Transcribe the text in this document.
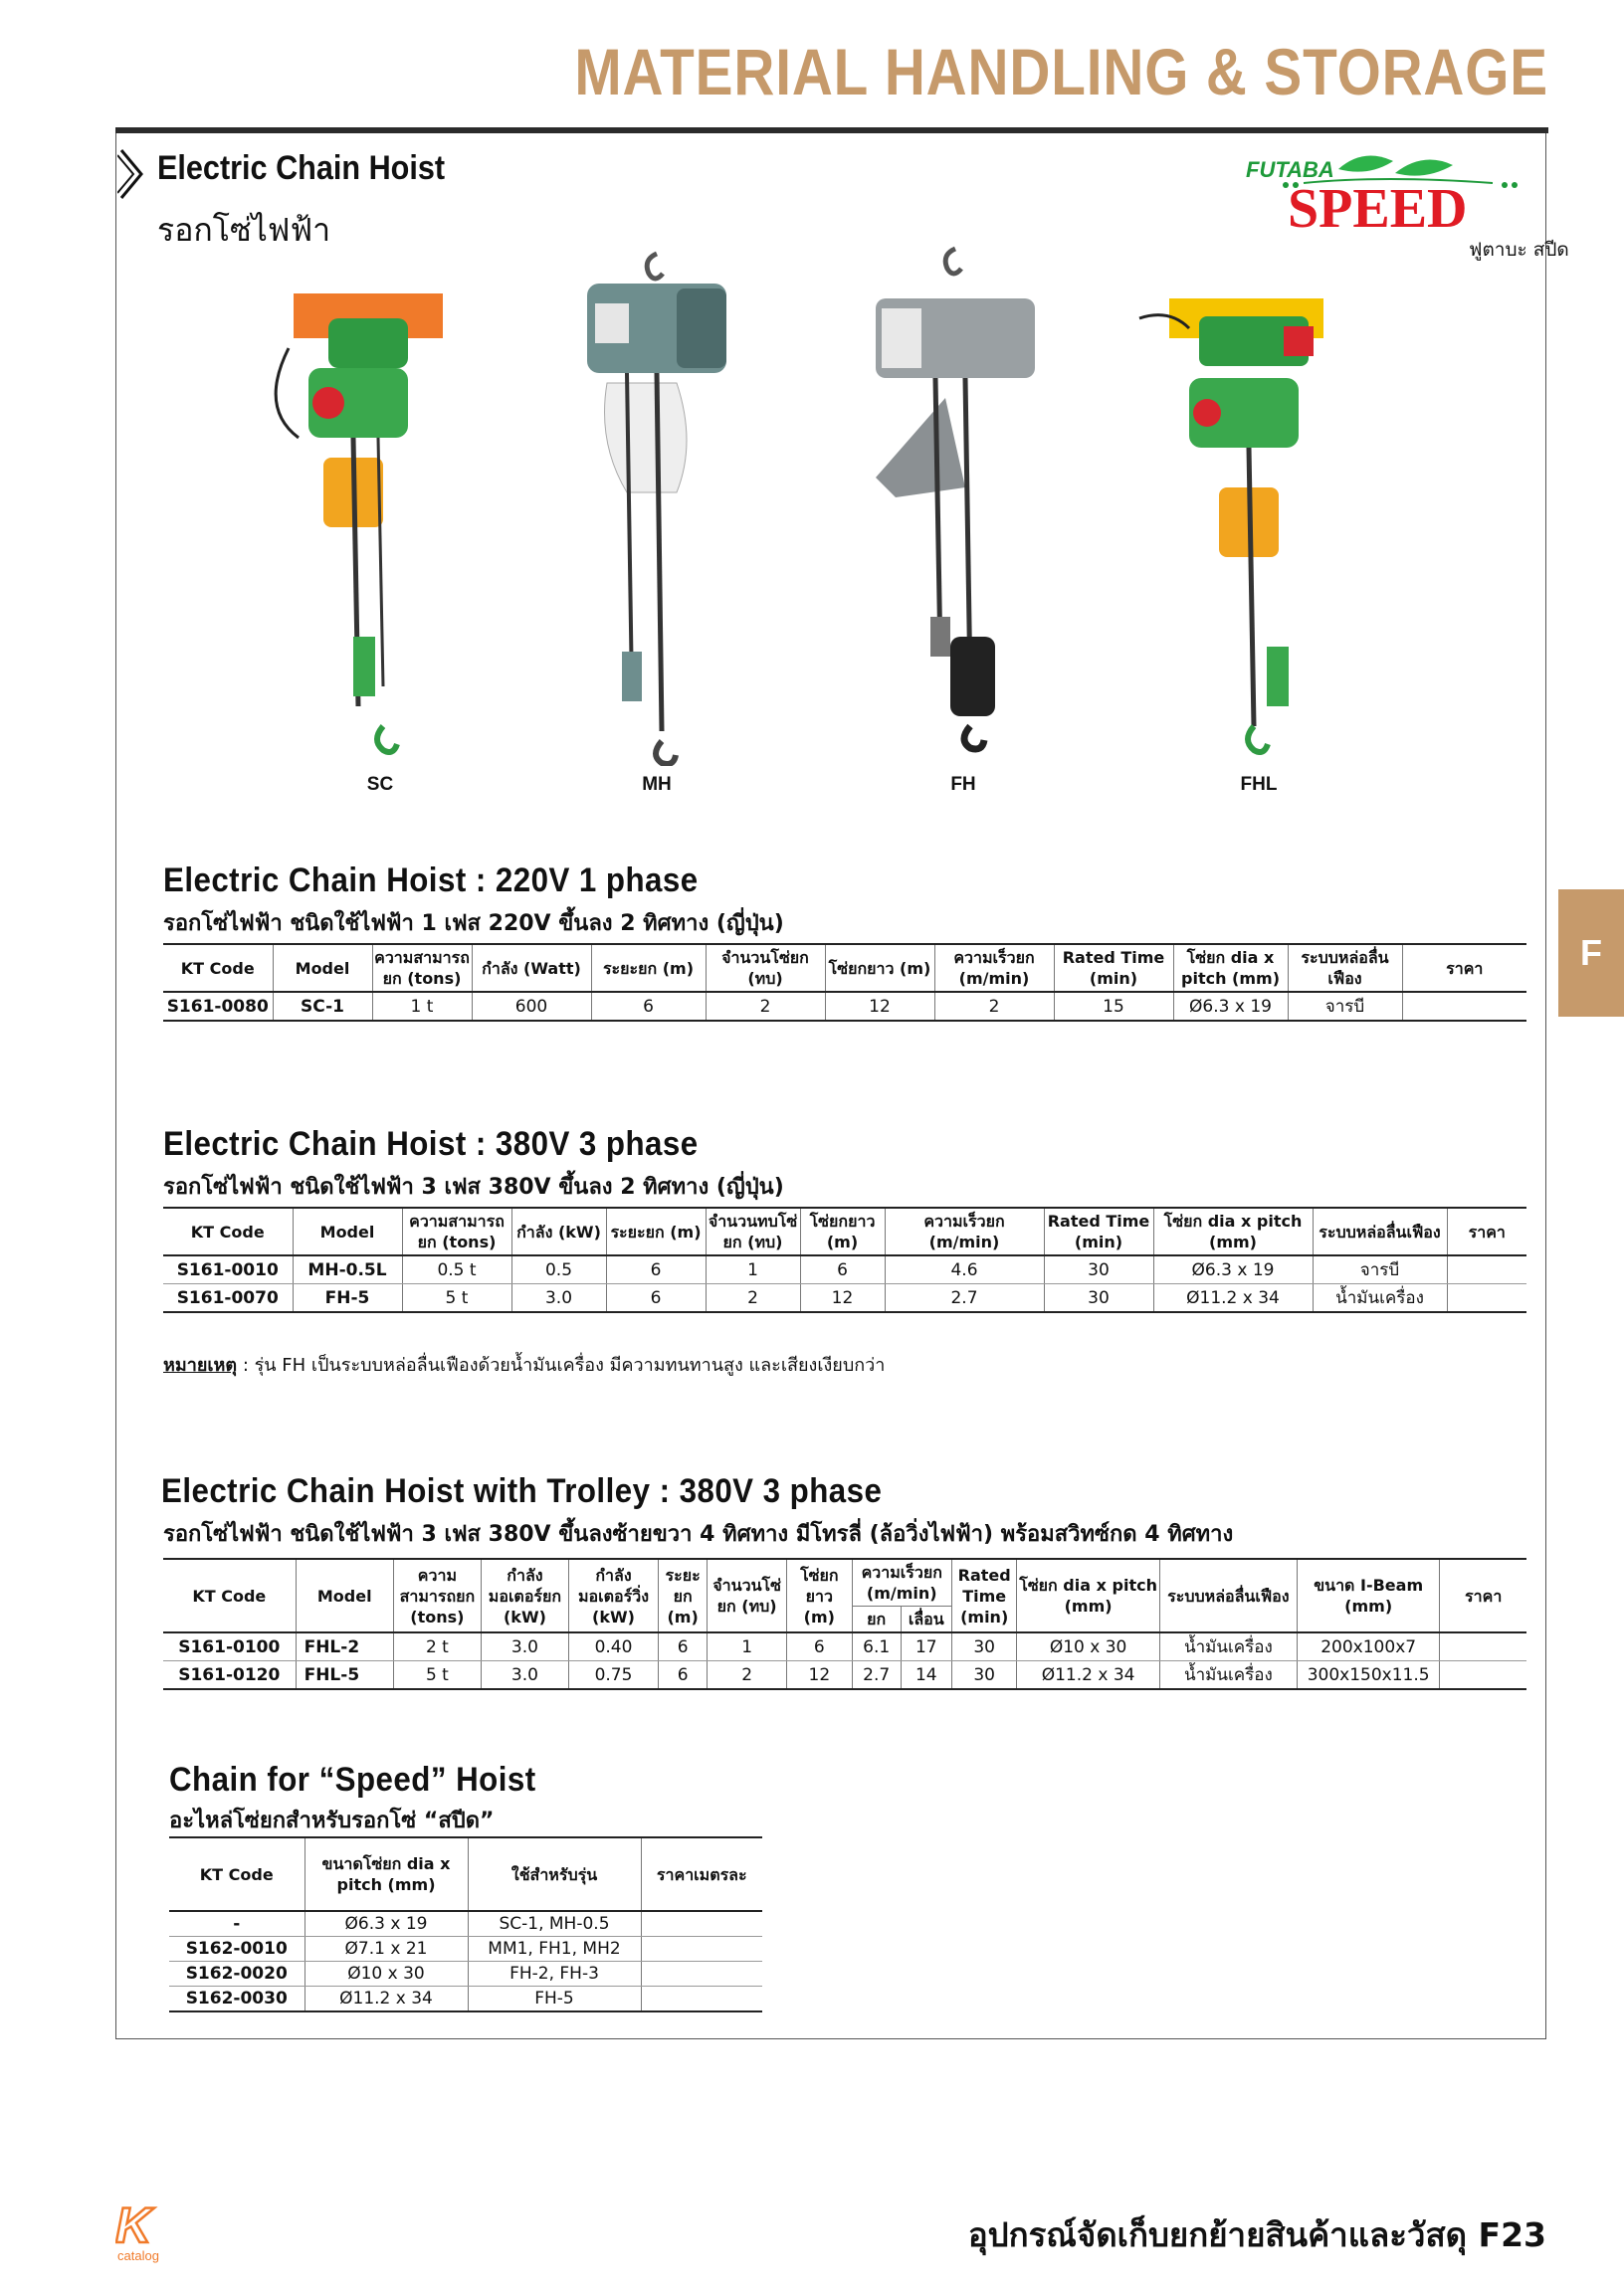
MATERIAL HANDLING & STORAGE
F
Electric Chain Hoist
รอกโซ่ไฟฟ้า
FUTABA
SPEED
ฟูตาบะ สปีด
SC	MH	FH	FHL
Electric Chain Hoist : 220V 1 phase
รอกโซ่ไฟฟ้า ชนิดใช้ไฟฟ้า 1 เฟส 220V ขึ้นลง 2 ทิศทาง (ญี่ปุ่น)
KT Code	Model	ความสามารถยก (tons)	กำลัง (Watt)	ระยะยก (m)	จำนวนโซ่ยก (ทบ)	โซ่ยกยาว (m)	ความเร็วยก (m/min)	Rated Time (min)	โซ่ยก dia x pitch (mm)	ระบบหล่อลื่นเฟือง	ราคา
S161-0080	SC-1	1 t	600	6	2	12	2	15	Ø6.3 x 19	จารบี	
Electric Chain Hoist : 380V 3 phase
รอกโซ่ไฟฟ้า ชนิดใช้ไฟฟ้า 3 เฟส 380V ขึ้นลง 2 ทิศทาง (ญี่ปุ่น)
KT Code	Model	ความสามารถยก (tons)	กำลัง (kW)	ระยะยก (m)	จำนวนทบโซ่ยก (ทบ)	โซ่ยกยาว (m)	ความเร็วยก (m/min)	Rated Time (min)	โซ่ยก dia x pitch (mm)	ระบบหล่อลื่นเฟือง	ราคา
S161-0010	MH-0.5L	0.5 t	0.5	6	1	6	4.6	30	Ø6.3 x 19	จารบี	
S161-0070	FH-5	5 t	3.0	6	2	12	2.7	30	Ø11.2 x 34	น้ำมันเครื่อง	
หมายเหตุ : รุ่น FH เป็นระบบหล่อลื่นเฟืองด้วยน้ำมันเครื่อง มีความทนทานสูง และเสียงเงียบกว่า
Electric Chain Hoist with Trolley : 380V 3 phase
รอกโซ่ไฟฟ้า ชนิดใช้ไฟฟ้า 3 เฟส 380V ขึ้นลงซ้ายขวา 4 ทิศทาง มีโทรลี่ (ล้อวิ่งไฟฟ้า) พร้อมสวิทซ์กด 4 ทิศทาง
KT Code	Model	ความสามารถยก (tons)	กำลังมอเตอร์ยก (kW)	กำลังมอเตอร์วิ่ง (kW)	ระยะยก (m)	จำนวนโซ่ยก (ทบ)	โซ่ยกยาว (m)	ความเร็วยก (m/min)		Rated Time (min)	โซ่ยก dia x pitch (mm)	ระบบหล่อลื่นเฟือง	ขนาด I-Beam (mm)	ราคา
								ยก	เลื่อน					
S161-0100	FHL-2	2 t	3.0	0.40	6	1	6	6.1	17	30	Ø10 x 30	น้ำมันเครื่อง	200x100x7	
S161-0120	FHL-5	5 t	3.0	0.75	6	2	12	2.7	14	30	Ø11.2 x 34	น้ำมันเครื่อง	300x150x11.5	
Chain for “Speed” Hoist
อะไหล่โซ่ยกสำหรับรอกโซ่ “สปีด”
KT Code	ขนาดโซ่ยก dia x pitch (mm)	ใช้สำหรับรุ่น	ราคาเมตรละ
-	Ø6.3 x 19	SC-1, MH-0.5	
S162-0010	Ø7.1 x 21	MM1, FH1, MH2	
S162-0020	Ø10 x 30	FH-2, FH-3	
S162-0030	Ø11.2 x 34	FH-5	
K
catalog
อุปกรณ์จัดเก็บยกย้ายสินค้าและวัสดุ F23
